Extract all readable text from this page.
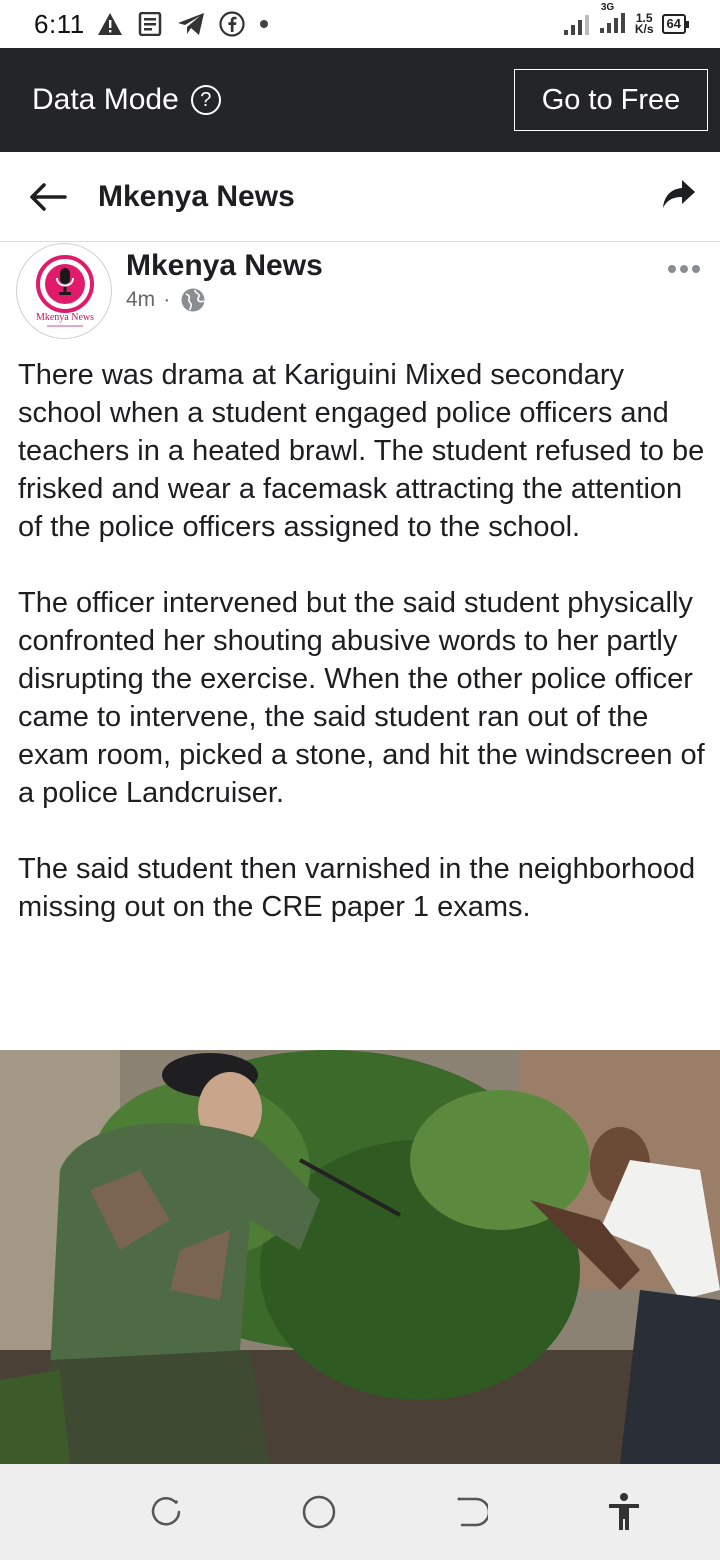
6:11
3G
1.5
K/s	64
Data Mode	?	Go to Free
Mkenya News
Mkenya News
Mkenya News
4m ·

There was drama at Kariguini Mixed secondary school when a student engaged police officers and teachers in a heated brawl. The student refused to be frisked and wear a facemask attracting the attention of the police officers assigned to the school.

The officer intervened but the said student physically confronted her shouting abusive words to her partly disrupting the exercise. When the other police officer came to intervene, the said student ran out of the exam room, picked a stone, and hit the windscreen of a police Landcruiser.

The said student then varnished in the neighborhood missing out on the CRE paper 1 exams.
